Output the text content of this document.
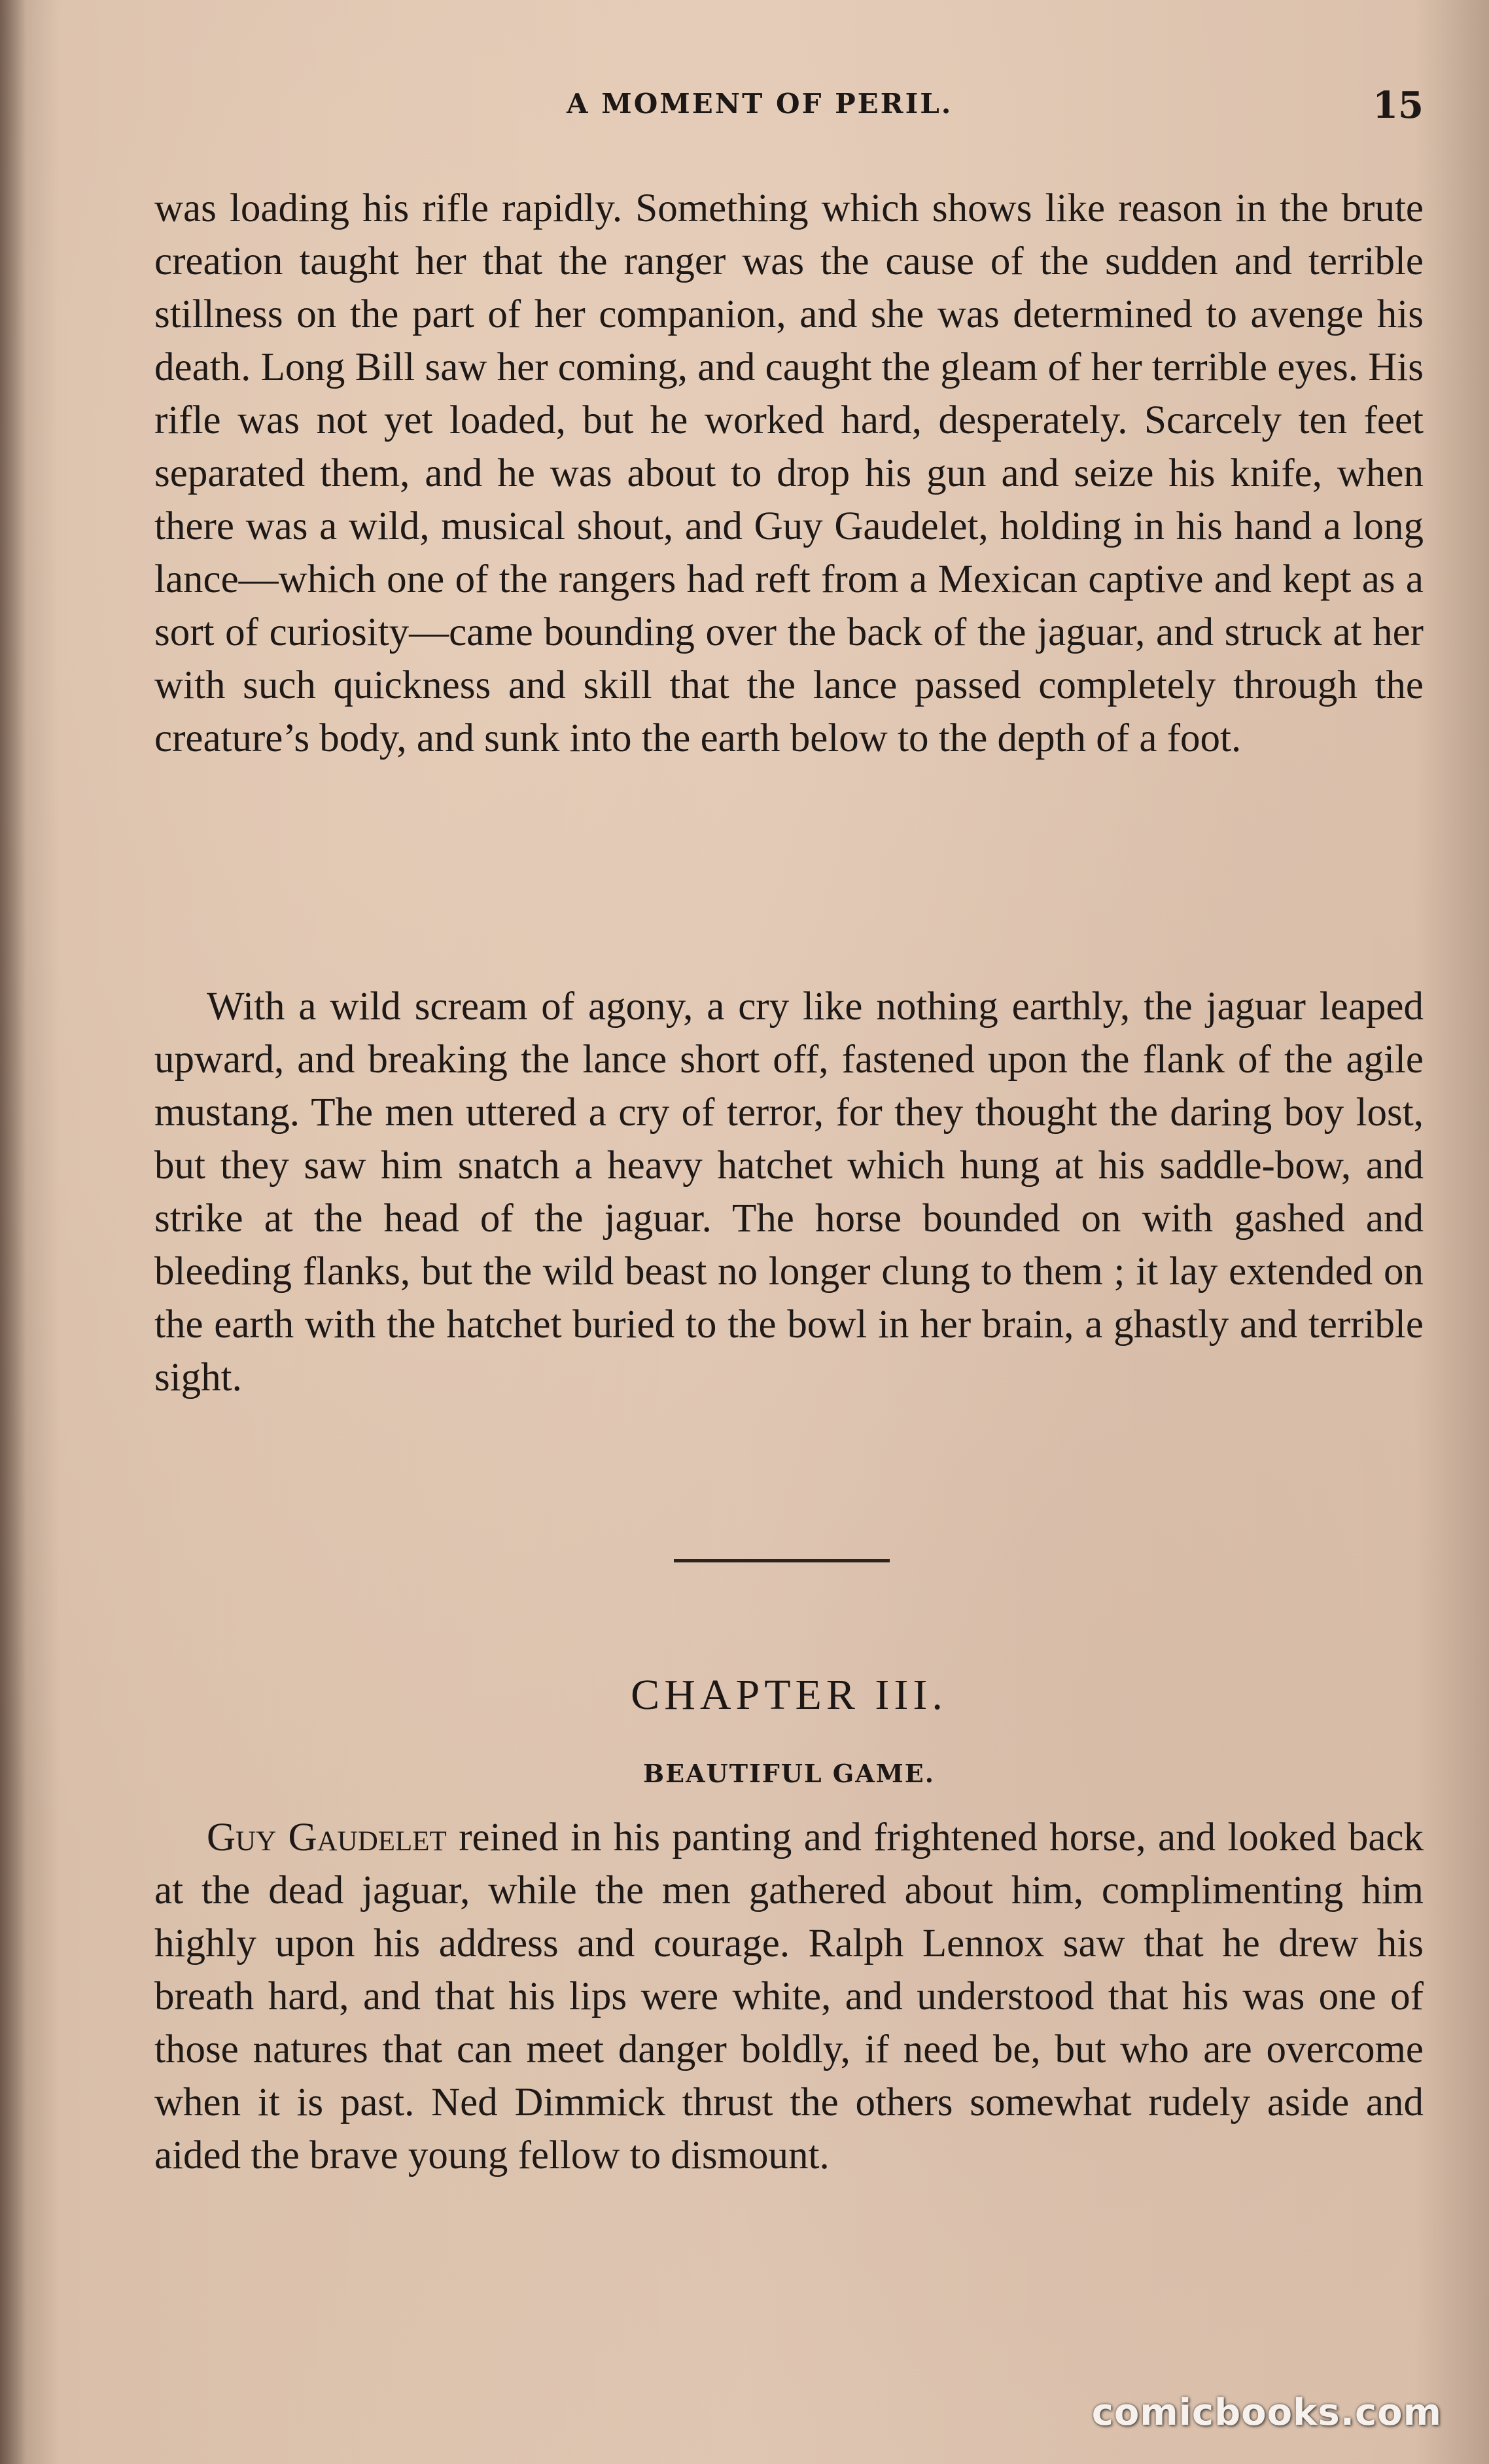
A MOMENT OF PERIL.	15

was loading his rifle rapidly. Something which shows like reason in the brute creation taught her that the ranger was the cause of the sudden and terrible stillness on the part of her companion, and she was determined to avenge his death. Long Bill saw her coming, and caught the gleam of her terrible eyes. His rifle was not yet loaded, but he worked hard, desperately. Scarcely ten feet separated them, and he was about to drop his gun and seize his knife, when there was a wild, musical shout, and Guy Gaudelet, holding in his hand a long lance—which one of the rangers had reft from a Mexican captive and kept as a sort of curiosity—came bounding over the back of the jaguar, and struck at her with such quickness and skill that the lance passed completely through the creature’s body, and sunk into the earth below to the depth of a foot.

With a wild scream of agony, a cry like nothing earthly, the jaguar leaped upward, and breaking the lance short off, fastened upon the flank of the agile mustang. The men uttered a cry of terror, for they thought the daring boy lost, but they saw him snatch a heavy hatchet which hung at his saddle-bow, and strike at the head of the jaguar. The horse bounded on with gashed and bleeding flanks, but the wild beast no longer clung to them ; it lay extended on the earth with the hatchet buried to the bowl in her brain, a ghastly and terrible sight.

CHAPTER III.
BEAUTIFUL GAME.

Guy Gaudelet reined in his panting and frightened horse, and looked back at the dead jaguar, while the men gathered about him, complimenting him highly upon his address and courage. Ralph Lennox saw that he drew his breath hard, and that his lips were white, and understood that his was one of those natures that can meet danger boldly, if need be, but who are overcome when it is past. Ned Dimmick thrust the others somewhat rudely aside and aided the brave young fellow to dismount.

comicbooks.com
